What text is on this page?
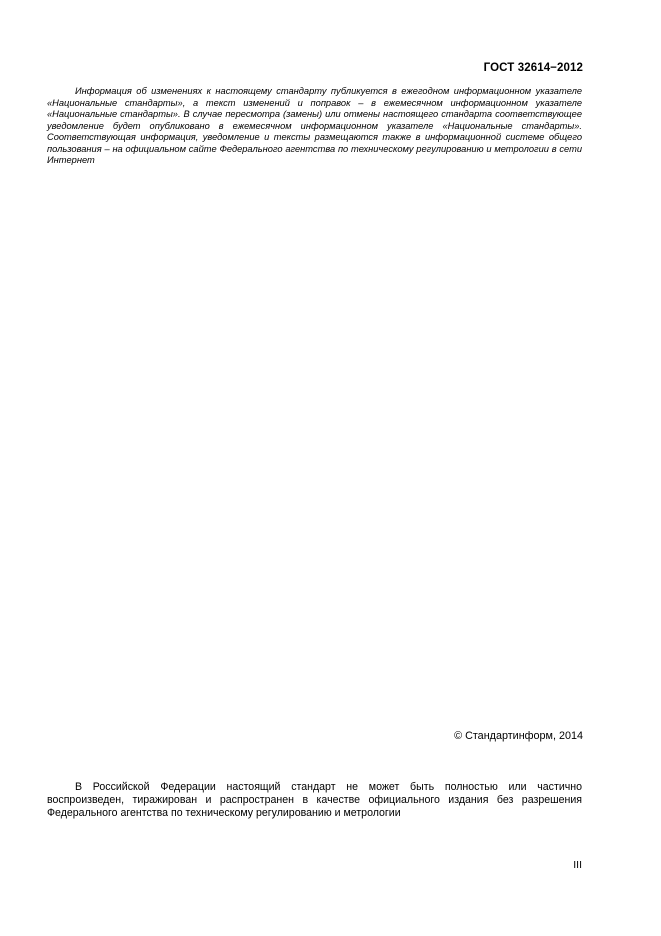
ГОСТ 32614−2012

Информация об изменениях к настоящему стандарту публикуется в ежегодном информационном указателе «Национальные стандарты», а текст изменений и поправок – в ежемесячном информационном указателе «Национальные стандарты». В случае пересмотра (замены) или отмены настоящего стандарта соответствующее уведомление будет опубликовано в ежемесячном информационном указателе «Национальные стандарты». Соответствующая информация, уведомление и тексты размещаются также в информационной системе общего пользования – на официальном сайте Федерального агентства по техническому регулированию и метрологии в сети Интернет

© Стандартинформ, 2014

В Российской Федерации настоящий стандарт не может быть полностью или частично воспроизведен, тиражирован и распространен в качестве официального издания без разрешения Федерального агентства по техническому регулированию и метрологии

III
